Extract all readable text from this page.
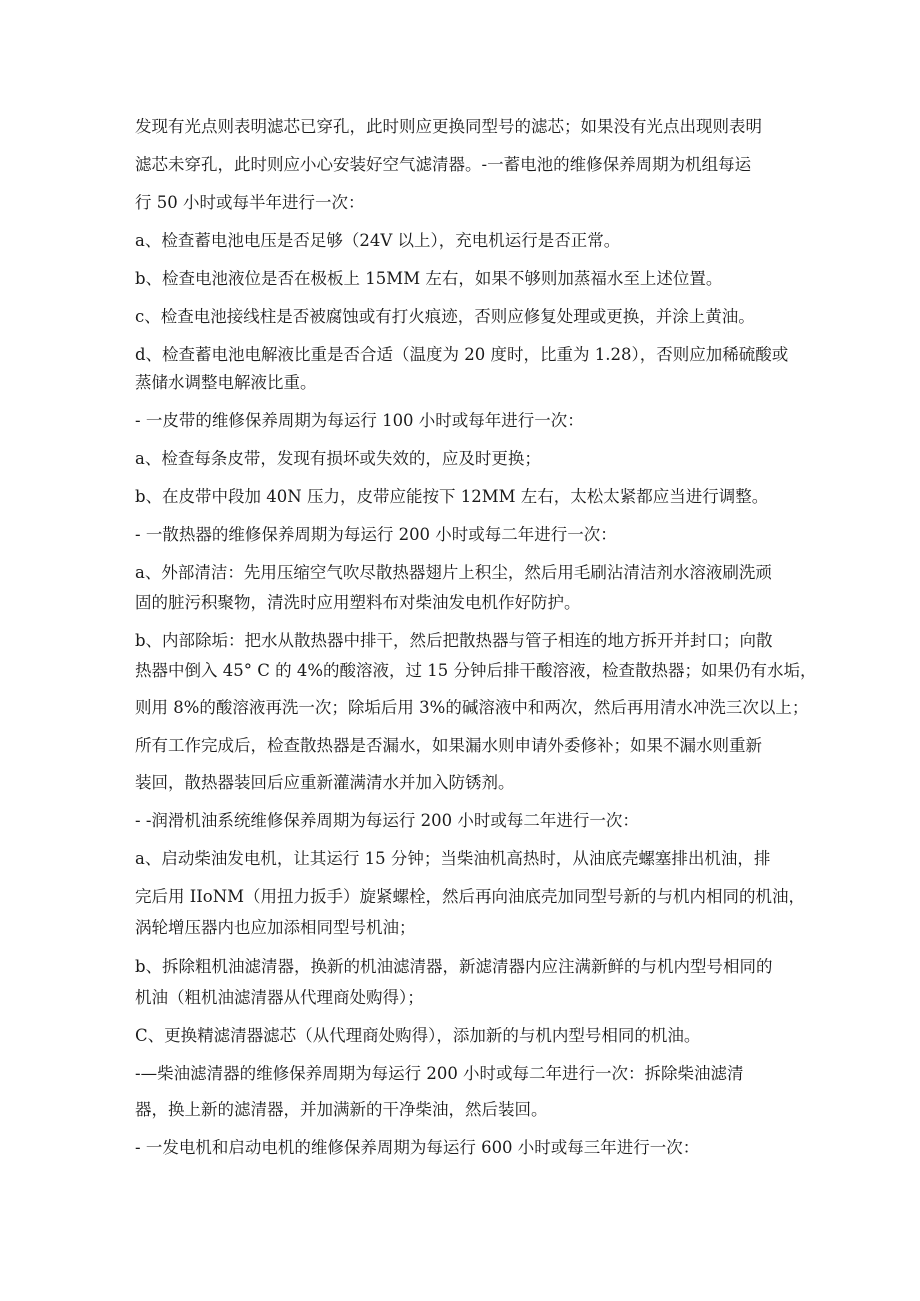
发现有光点则表明滤芯已穿孔，此时则应更换同型号的滤芯；如果没有光点出现则表明
滤芯未穿孔，此时则应小心安装好空气滤清器。-一蓄电池的维修保养周期为机组每运
行 50 小时或每半年进行一次：
a、检查蓄电池电压是否足够（24V 以上），充电机运行是否正常。
b、检查电池液位是否在极板上 15MM 左右，如果不够则加蒸福水至上述位置。
c、检查电池接线柱是否被腐蚀或有打火痕迹，否则应修复处理或更换，并涂上黄油。
d、检查蓄电池电解液比重是否合适（温度为 20 度时，比重为 1.28），否则应加稀硫酸或
蒸储水调整电解液比重。
- 一皮带的维修保养周期为每运行 100 小时或每年进行一次：
a、检查每条皮带，发现有损坏或失效的，应及时更换；
b、在皮带中段加 40N 压力，皮带应能按下 12MM 左右，太松太紧都应当进行调整。
- 一散热器的维修保养周期为每运行 200 小时或每二年进行一次：
a、外部清洁：先用压缩空气吹尽散热器翅片上积尘，然后用毛刷沾清洁剂水溶液刷洗顽
固的脏污积聚物，清洗时应用塑料布对柴油发电机作好防护。
b、内部除垢：把水从散热器中排干，然后把散热器与管子相连的地方拆开并封口；向散
热器中倒入 45° C 的 4%的酸溶液，过 15 分钟后排干酸溶液，检查散热器；如果仍有水垢，
则用 8%的酸溶液再洗一次；除垢后用 3%的碱溶液中和两次，然后再用清水冲洗三次以上；
所有工作完成后，检查散热器是否漏水，如果漏水则申请外委修补；如果不漏水则重新
装回，散热器装回后应重新灌满清水并加入防锈剂。
- -润滑机油系统维修保养周期为每运行 200 小时或每二年进行一次：
a、启动柴油发电机，让其运行 15 分钟；当柴油机高热时，从油底壳螺塞排出机油，排
完后用 IIoNM（用扭力扳手）旋紧螺栓，然后再向油底壳加同型号新的与机内相同的机油，
涡轮增压器内也应加添相同型号机油；
b、拆除粗机油滤清器，换新的机油滤清器，新滤清器内应注满新鲜的与机内型号相同的
机油（粗机油滤清器从代理商处购得）；
C、更换精滤清器滤芯（从代理商处购得），添加新的与机内型号相同的机油。
-—柴油滤清器的维修保养周期为每运行 200 小时或每二年进行一次：拆除柴油滤清
器，换上新的滤清器，并加满新的干净柴油，然后装回。
- 一发电机和启动电机的维修保养周期为每运行 600 小时或每三年进行一次：
